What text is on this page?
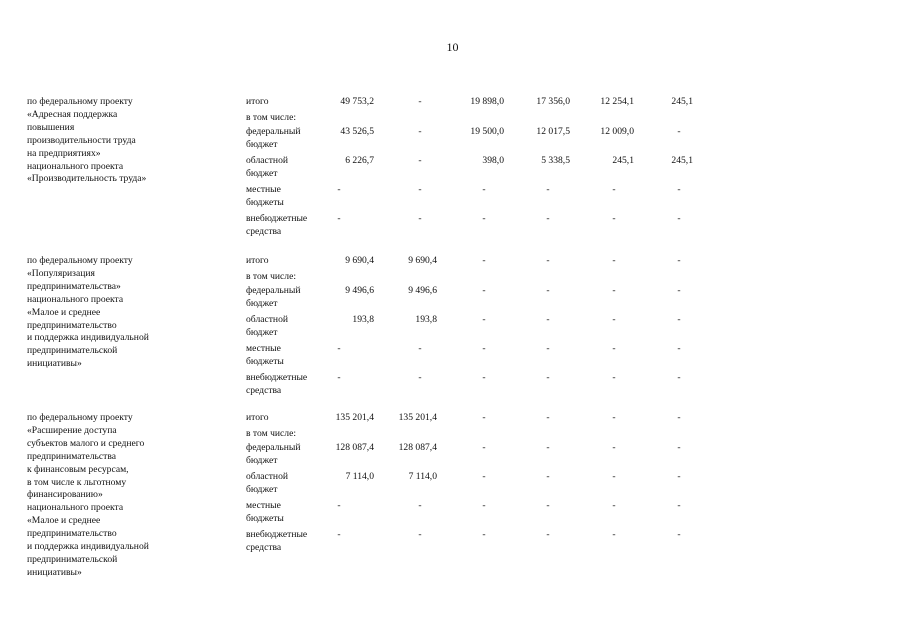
10
по федеральному проекту
«Адресная поддержка
повышения
производительности труда
на предприятиях»
национального проекта
«Производительность труда»
итого	49 753,2	-	19 898,0	17 356,0	12 254,1	245,1
в том числе:
федеральный
бюджет
43 526,5	-	19 500,0	12 017,5	12 009,0	-
областной
бюджет
6 226,7	-	398,0	5 338,5	245,1	245,1
местные
бюджеты
-	-	-	-	-	-
внебюджетные
средства
-	-	-	-	-	-
по федеральному проекту
«Популяризация
предпринимательства»
национального проекта
«Малое и среднее
предпринимательство
и поддержка индивидуальной
предпринимательской
инициативы»
итого	9 690,4	9 690,4	-	-	-	-
в том числе:
федеральный
бюджет
9 496,6	9 496,6	-	-	-	-
областной
бюджет
193,8	193,8	-	-	-	-
местные
бюджеты
-	-	-	-	-	-
внебюджетные
средства
-	-	-	-	-	-
по федеральному проекту
«Расширение доступа
субъектов малого и среднего
предпринимательства
к финансовым ресурсам,
в том числе к льготному
финансированию»
национального проекта
«Малое и среднее
предпринимательство
и поддержка индивидуальной
предпринимательской
инициативы»
итого	135 201,4	135 201,4	-	-	-	-
в том числе:
федеральный
бюджет
128 087,4	128 087,4	-	-	-	-
областной
бюджет
7 114,0	7 114,0	-	-	-	-
местные
бюджеты
-	-	-	-	-	-
внебюджетные
средства
-	-	-	-	-	-
